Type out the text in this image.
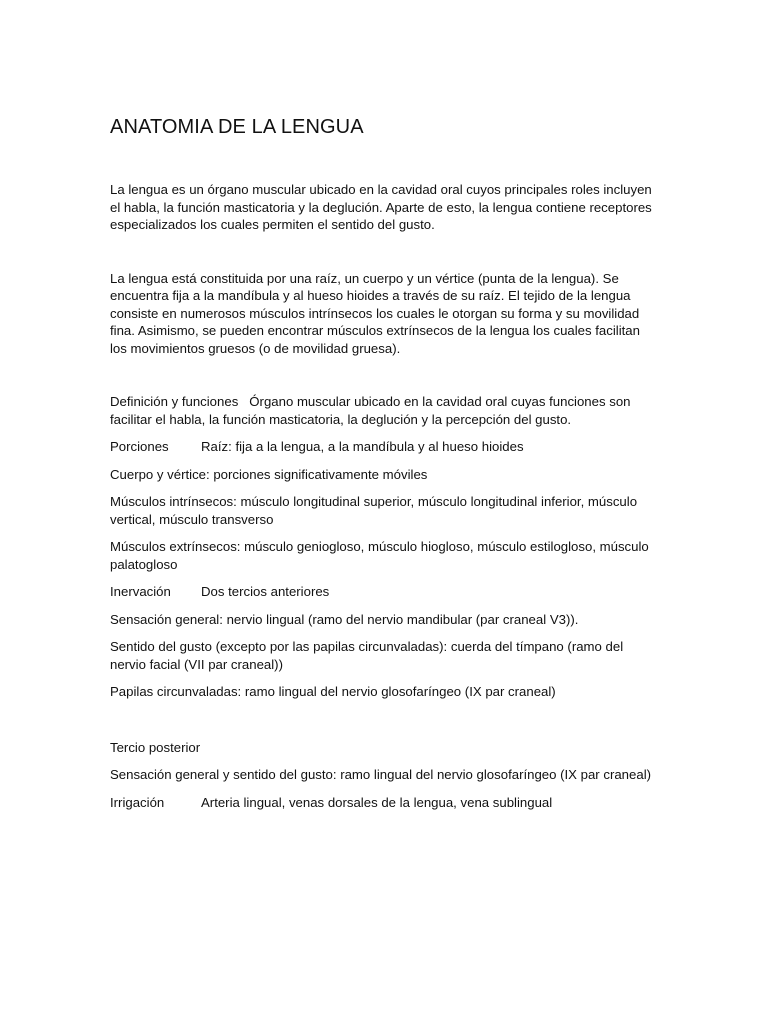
ANATOMIA DE LA LENGUA

La lengua es un órgano muscular ubicado en la cavidad oral cuyos principales roles incluyen el habla, la función masticatoria y la deglución. Aparte de esto, la lengua contiene receptores especializados los cuales permiten el sentido del gusto.

La lengua está constituida por una raíz, un cuerpo y un vértice (punta de la lengua). Se encuentra fija a la mandíbula y al hueso hioides a través de su raíz. El tejido de la lengua consiste en numerosos músculos intrínsecos los cuales le otorgan su forma y su movilidad fina. Asimismo, se pueden encontrar músculos extrínsecos de la lengua los cuales facilitan los movimientos gruesos (o de movilidad gruesa).

Definición y funciones Órgano muscular ubicado en la cavidad oral cuyas funciones son facilitar el habla, la función masticatoria, la deglución y la percepción del gusto.

Porciones Raíz: fija a la lengua, a la mandíbula y al hueso hioides

Cuerpo y vértice: porciones significativamente móviles

Músculos intrínsecos: músculo longitudinal superior, músculo longitudinal inferior, músculo vertical, músculo transverso

Músculos extrínsecos: músculo geniogloso, músculo hiogloso, músculo estilogloso, músculo palatogloso

Inervación Dos tercios anteriores

Sensación general: nervio lingual (ramo del nervio mandibular (par craneal V3)).

Sentido del gusto (excepto por las papilas circunvaladas): cuerda del tímpano (ramo del nervio facial (VII par craneal))

Papilas circunvaladas: ramo lingual del nervio glosofaríngeo (IX par craneal)

Tercio posterior

Sensación general y sentido del gusto: ramo lingual del nervio glosofaríngeo (IX par craneal)

Irrigación	Arteria lingual, venas dorsales de la lengua, vena sublingual
